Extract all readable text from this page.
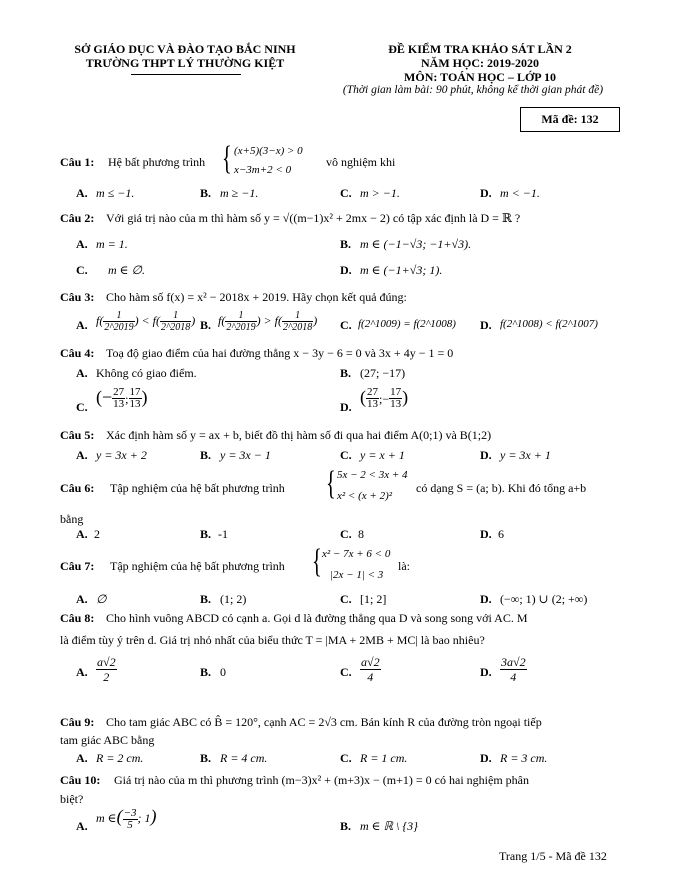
SỞ GIÁO DỤC VÀ ĐÀO TẠO BẮC NINH
TRƯỜNG THPT LÝ THƯỜNG KIỆT
ĐỀ KIỂM TRA KHẢO SÁT LẦN 2
NĂM HỌC: 2019-2020
MÔN: TOÁN HỌC – LỚP 10
(Thời gian làm bài: 90 phút, không kể thời gian phát đề)
Mã đề: 132
Câu 1: Hệ bất phương trình { (x+5)(3−x) > 0
x−3m+2 < 0
vô nghiệm khi
A. m ≤ −1.	B. m ≥ −1.	C. m > −1.	D. m < −1.
Câu 2: Với giá trị nào của m thì hàm số y = √((m−1)x² + 2mx − 2) có tập xác định là D = ℝ ?
A. m = 1.	B. m ∈ (−1−√3; −1+√3).
C. m ∈ ∅.	D. m ∈ (−1+√3; 1).
Câu 3: Cho hàm số f(x) = x² − 2018x + 2019. Hãy chọn kết quả đúng:
A. $f( \frac{1}{2\^{}2019}$ ) < $f( \frac{1}{2\^{}2018}$ ) B. $f( \frac{1}{2\^{}2019}$ ) > $f( \frac{1}{2\^{}2018}$ ) C. f(2^1009) = f(2^1008) D. f(2^1008) < f(2^1007)
Câu 4: Toạ độ giao điểm của hai đường thẳng x − 3y − 6 = 0 và 3x + 4y − 1 = 0
A. Không có giao điểm.	B. (27; −17)
C. (− $\frac{27}{13}$ ; $\frac{17}{13}$ )	D. ( $\frac{27}{13}$ ;− $\frac{17}{13}$ )
Câu 5: Xác định hàm số y = ax + b, biết đồ thị hàm số đi qua hai điểm A(0;1) và B(1;2)
A. y = 3x + 2	B. y = 3x − 1	C. y = x + 1	D. y = 3x + 1
Câu 6: Tập nghiệm của hệ bất phương trình { 5x − 2 < 3x + 4
x² < (x + 2)²
có dạng S = (a; b). Khi đó tổng a+b
bằng
A. 2	B. -1	C. 8	D. 6
Câu 7: Tập nghiệm của hệ bất phương trình { x² − 7x + 6 < 0
|2x − 1| < 3
là:
A. ∅	B. (1; 2)	C. [1; 2]	D. (−∞; 1) ∪ (2; +∞)
Câu 8: Cho hình vuông ABCD có cạnh a. Gọi d là đường thẳng qua D và song song với AC. M
là điểm tùy ý trên d. Giá trị nhỏ nhất của biểu thức T = |MA + 2MB + MC| là bao nhiêu?
A. $\frac{a√2}{2}$	B. 0	C. $\frac{a√2}{4}$	D. $\frac{3a√2}{4}$
Câu 9: Cho tam giác ABC có B̂ = 120°, cạnh AC = 2√3 cm. Bán kính R của đường tròn ngoại tiếp
tam giác ABC bằng
A. R = 2 cm.	B. R = 4 cm.	C. R = 1 cm.	D. R = 3 cm.
Câu 10: Giá trị nào của m thì phương trình (m−3)x² + (m+3)x − (m+1) = 0 có hai nghiệm phân
biệt?
A.
m ∈( $\frac{-3}{5}$ ; 1)	B. m ∈ ℝ \ {3}
Trang 1/5 - Mã đề 132
